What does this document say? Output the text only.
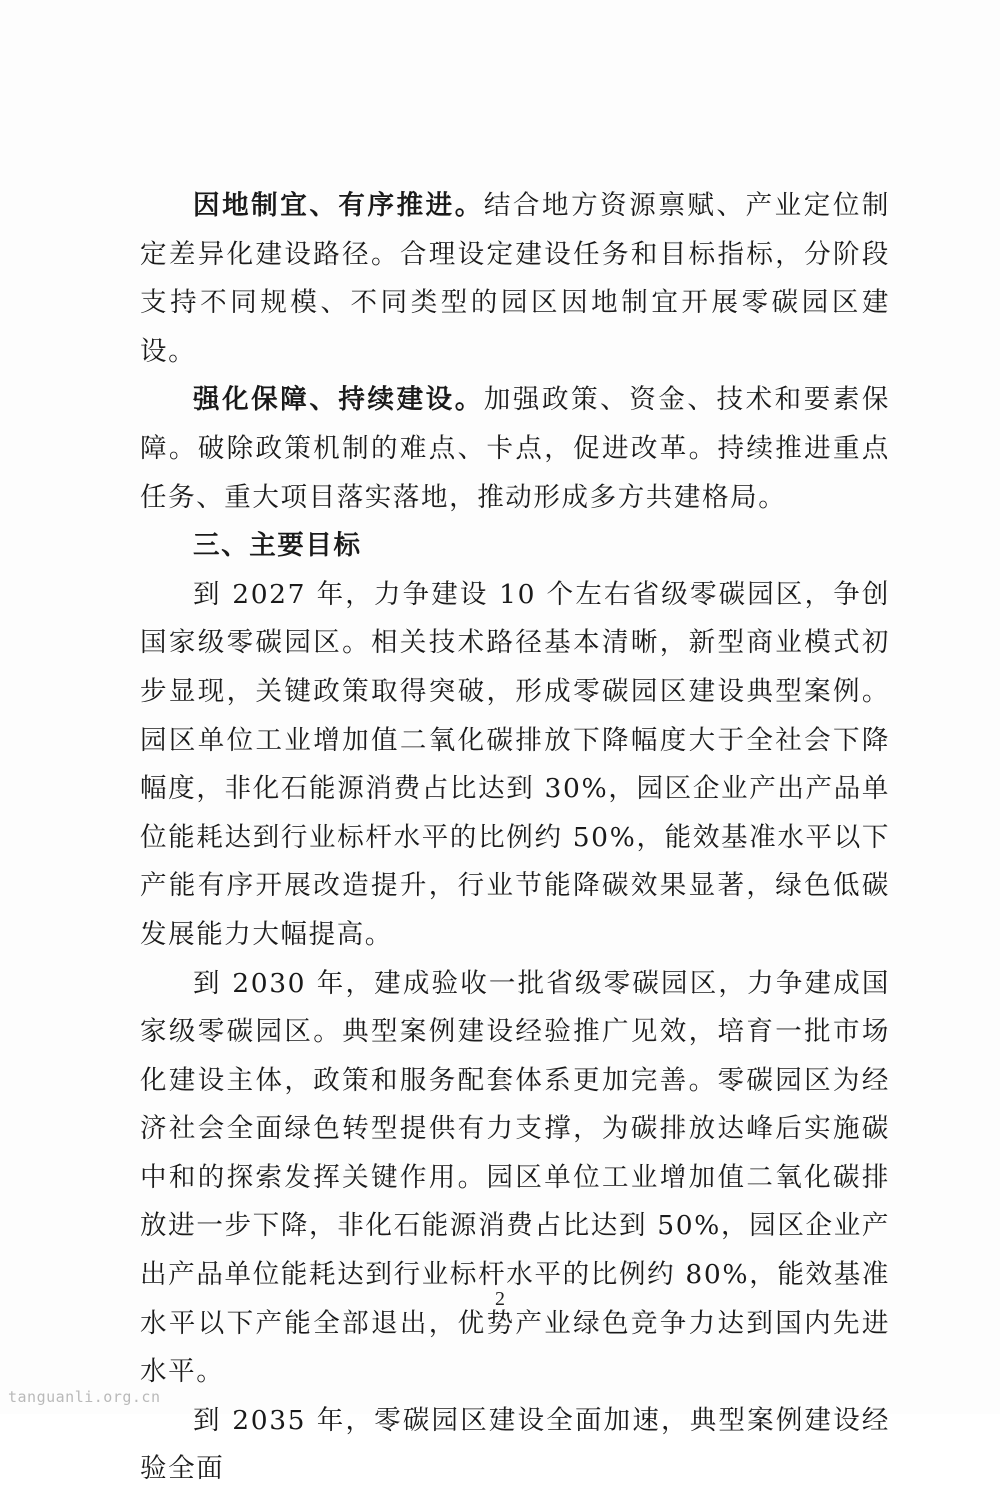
因地制宜、有序推进。结合地方资源禀赋、产业定位制定差异化建设路径。合理设定建设任务和目标指标，分阶段支持不同规模、不同类型的园区因地制宜开展零碳园区建设。

强化保障、持续建设。加强政策、资金、技术和要素保障。破除政策机制的难点、卡点，促进改革。持续推进重点任务、重大项目落实落地，推动形成多方共建格局。

三、主要目标

到 2027 年，力争建设 10 个左右省级零碳园区，争创国家级零碳园区。相关技术路径基本清晰，新型商业模式初步显现，关键政策取得突破，形成零碳园区建设典型案例。园区单位工业增加值二氧化碳排放下降幅度大于全社会下降幅度，非化石能源消费占比达到 30%，园区企业产出产品单位能耗达到行业标杆水平的比例约 50%，能效基准水平以下产能有序开展改造提升，行业节能降碳效果显著，绿色低碳发展能力大幅提高。

到 2030 年，建成验收一批省级零碳园区，力争建成国家级零碳园区。典型案例建设经验推广见效，培育一批市场化建设主体，政策和服务配套体系更加完善。零碳园区为经济社会全面绿色转型提供有力支撑，为碳排放达峰后实施碳中和的探索发挥关键作用。园区单位工业增加值二氧化碳排放进一步下降，非化石能源消费占比达到 50%，园区企业产出产品单位能耗达到行业标杆水平的比例约 80%，能效基准水平以下产能全部退出，优势产业绿色竞争力达到国内先进水平。

到 2035 年，零碳园区建设全面加速，典型案例建设经验全面

2
tanguanli.org.cn
